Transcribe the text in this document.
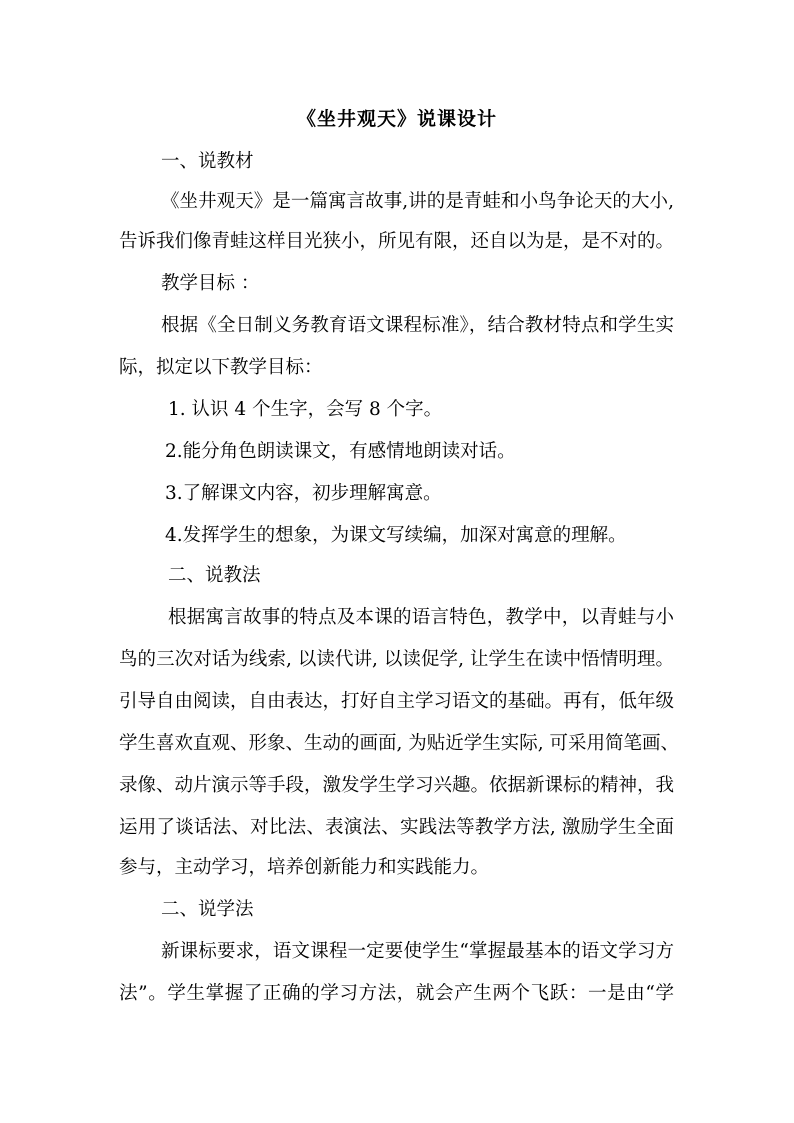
《坐井观天》说课设计
一、说教材
《坐井观天》是一篇寓言故事,讲的是青蛙和小鸟争论天的大小,
告诉我们像青蛙这样目光狭小，所见有限，还自以为是，是不对的。
教学目标 ：
根据《全日制义务教育语文课程标准》，结合教材特点和学生实
际，拟定以下教学目标：
1. 认识 4 个生字，会写 8 个字。
2.能分角色朗读课文，有感情地朗读对话。
3.了解课文内容，初步理解寓意。
4.发挥学生的想象，为课文写续编，加深对寓意的理解。
二、说教法
根据寓言故事的特点及本课的语言特色，教学中，以青蛙与小
鸟的三次对话为线索, 以读代讲, 以读促学, 让学生在读中悟情明理。
引导自由阅读，自由表达，打好自主学习语文的基础。再有，低年级
学生喜欢直观、形象、生动的画面, 为贴近学生实际, 可采用简笔画、
录像、动片演示等手段，激发学生学习兴趣。依据新课标的精神，我
运用了谈话法、对比法、表演法、实践法等教学方法, 激励学生全面
参与，主动学习，培养创新能力和实践能力。
二、说学法
新课标要求，语文课程一定要使学生“掌握最基本的语文学习方
法”。学生掌握了正确的学习方法，就会产生两个飞跃：一是由“学
